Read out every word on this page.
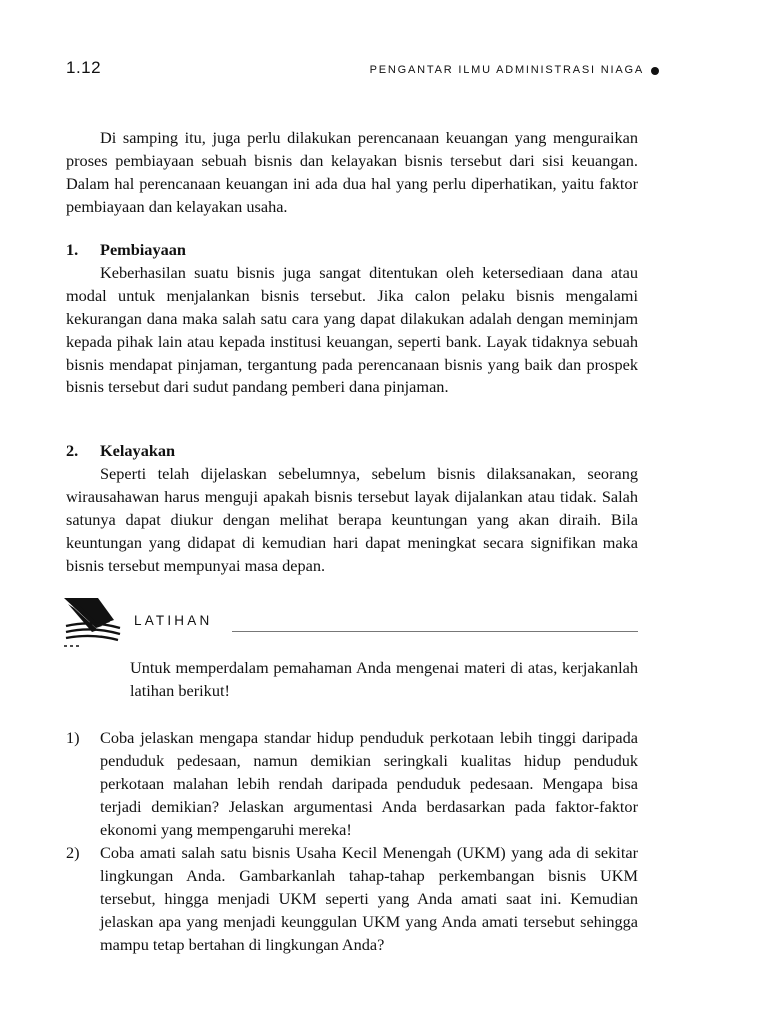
1.12	PENGANTAR ILMU ADMINISTRASI NIAGA

Di samping itu, juga perlu dilakukan perencanaan keuangan yang menguraikan proses pembiayaan sebuah bisnis dan kelayakan bisnis tersebut dari sisi keuangan. Dalam hal perencanaan keuangan ini ada dua hal yang perlu diperhatikan, yaitu faktor pembiayaan dan kelayakan usaha.

1.	Pembiayaan

Keberhasilan suatu bisnis juga sangat ditentukan oleh ketersediaan dana atau modal untuk menjalankan bisnis tersebut. Jika calon pelaku bisnis mengalami kekurangan dana maka salah satu cara yang dapat dilakukan adalah dengan meminjam kepada pihak lain atau kepada institusi keuangan, seperti bank. Layak tidaknya sebuah bisnis mendapat pinjaman, tergantung pada perencanaan bisnis yang baik dan prospek bisnis tersebut dari sudut pandang pemberi dana pinjaman.

2.	Kelayakan

Seperti telah dijelaskan sebelumnya, sebelum bisnis dilaksanakan, seorang wirausahawan harus menguji apakah bisnis tersebut layak dijalankan atau tidak. Salah satunya dapat diukur dengan melihat berapa keuntungan yang akan diraih. Bila keuntungan yang didapat di kemudian hari dapat meningkat secara signifikan maka bisnis tersebut mempunyai masa depan.

LATIHAN

Untuk memperdalam pemahaman Anda mengenai materi di atas, kerjakanlah latihan berikut!

1)	Coba jelaskan mengapa standar hidup penduduk perkotaan lebih tinggi daripada penduduk pedesaan, namun demikian seringkali kualitas hidup penduduk perkotaan malahan lebih rendah daripada penduduk pedesaan. Mengapa bisa terjadi demikian? Jelaskan argumentasi Anda berdasarkan pada faktor-faktor ekonomi yang mempengaruhi mereka!
2)	Coba amati salah satu bisnis Usaha Kecil Menengah (UKM) yang ada di sekitar lingkungan Anda. Gambarkanlah tahap-tahap perkembangan bisnis UKM tersebut, hingga menjadi UKM seperti yang Anda amati saat ini. Kemudian jelaskan apa yang menjadi keunggulan UKM yang Anda amati tersebut sehingga mampu tetap bertahan di lingkungan Anda?
